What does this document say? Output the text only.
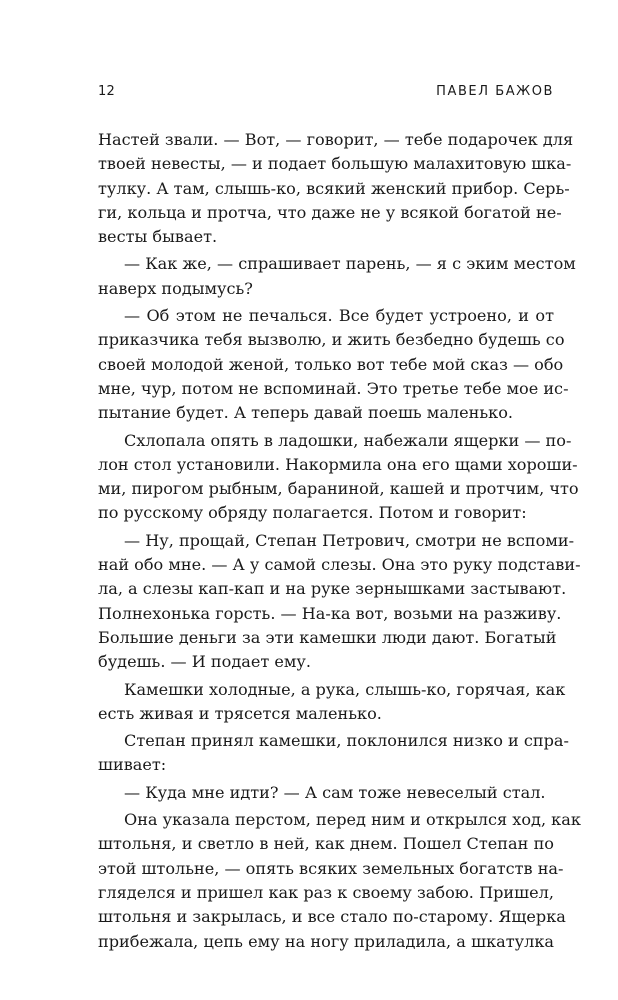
12	ПАВЕЛ БАЖОВ
Настей звали. — Вот, — говорит, — тебе подарочек для
твоей невесты, — и подает большую малахитовую шка-
тулку. А там, слышь-ко, всякий женский прибор. Серь-
ги, кольца и протча, что даже не у всякой богатой не-
весты бывает.
— Как же, — спрашивает парень, — я с эким местом
наверх подымусь?
— Об этом не печалься. Все будет устроено, и от
приказчика тебя вызволю, и жить безбедно будешь со
своей молодой женой, только вот тебе мой сказ — обо
мне, чур, потом не вспоминай. Это третье тебе мое ис-
пытание будет. А теперь давай поешь маленько.
Схлопала опять в ладошки, набежали ящерки — по-
лон стол установили. Накормила она его щами хороши-
ми, пирогом рыбным, бараниной, кашей и протчим, что
по русскому обряду полагается. Потом и говорит:
— Ну, прощай, Степан Петрович, смотри не вспоми-
най обо мне. — А у самой слезы. Она это руку подстави-
ла, а слезы кап-кап и на руке зернышками застывают.
Полнехонька горсть. — На-ка вот, возьми на разживу.
Большие деньги за эти камешки люди дают. Богатый
будешь. — И подает ему.
Камешки холодные, а рука, слышь-ко, горячая, как
есть живая и трясется маленько.
Степан принял камешки, поклонился низко и спра-
шивает:
— Куда мне идти? — А сам тоже невеселый стал.
Она указала перстом, перед ним и открылся ход, как
штольня, и светло в ней, как днем. Пошел Степан по
этой штольне, — опять всяких земельных богатств на-
гляделся и пришел как раз к своему забою. Пришел,
штольня и закрылась, и все стало по-старому. Ящерка
прибежала, цепь ему на ногу приладила, а шкатулка
